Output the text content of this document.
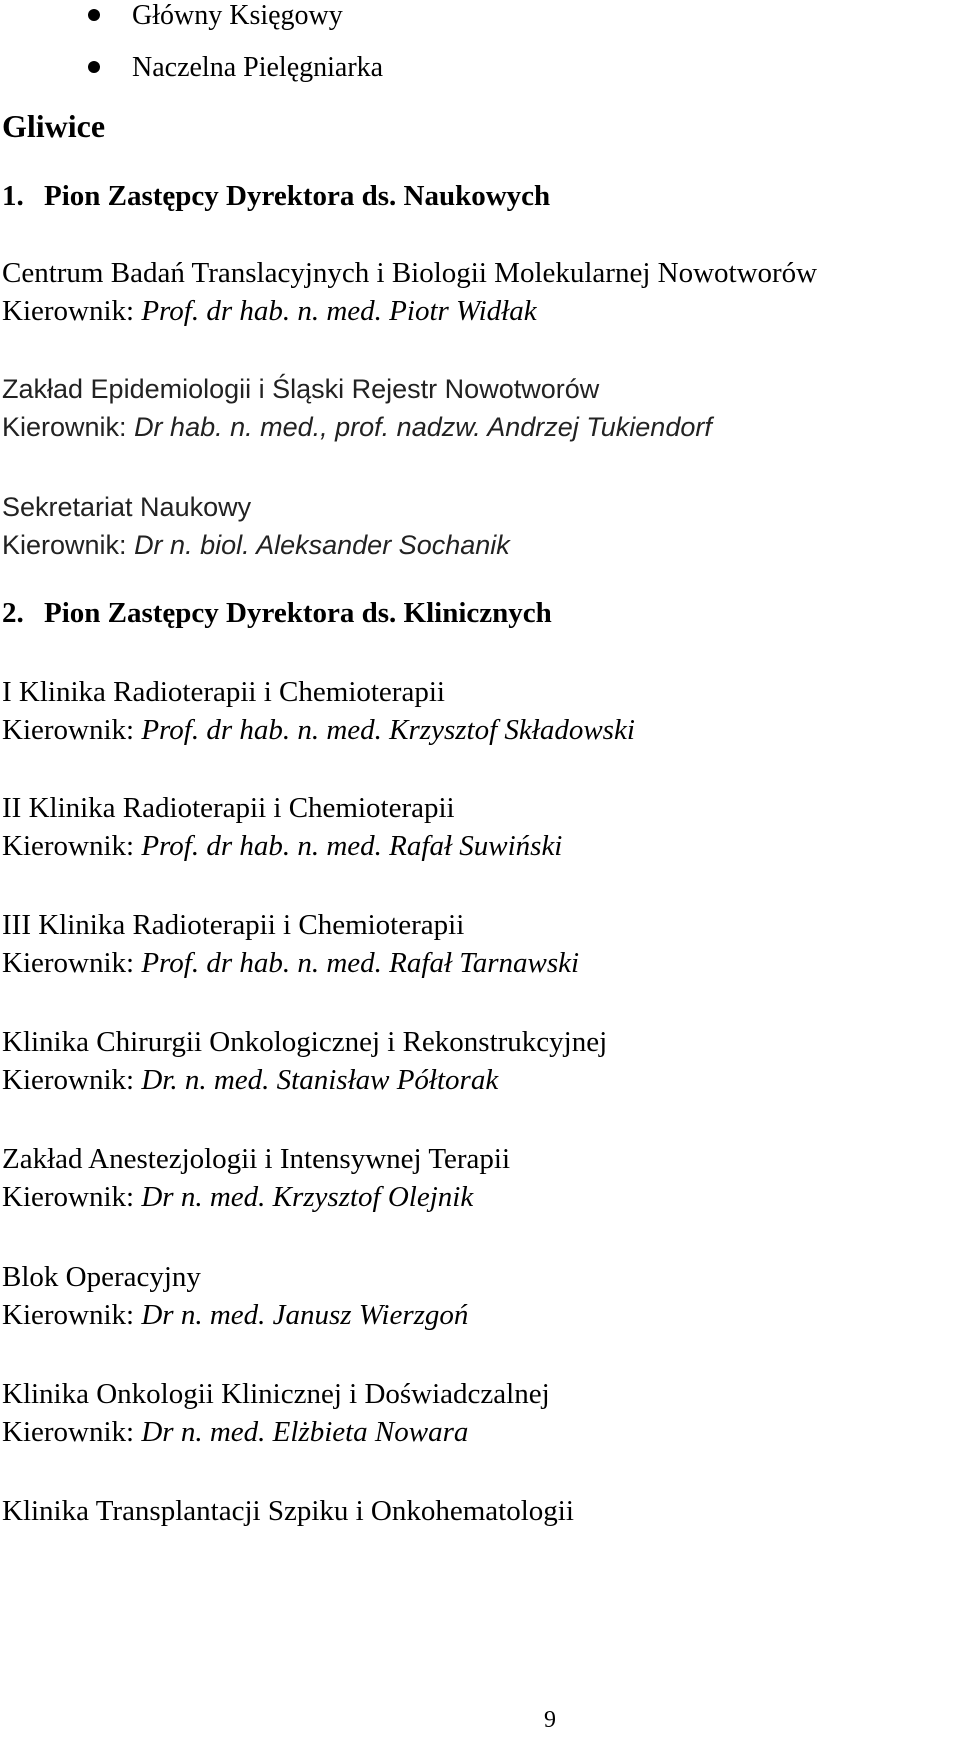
Główny Księgowy
Naczelna Pielęgniarka
Gliwice
1. Pion Zastępcy Dyrektora ds. Naukowych
Centrum Badań Translacyjnych i Biologii Molekularnej Nowotworów
Kierownik: Prof. dr hab. n. med. Piotr Widłak
Zakład Epidemiologii i Śląski Rejestr Nowotworów
Kierownik: Dr hab. n. med., prof. nadzw. Andrzej Tukiendorf
Sekretariat Naukowy
Kierownik: Dr n. biol. Aleksander Sochanik
2. Pion Zastępcy Dyrektora ds. Klinicznych
I Klinika Radioterapii i Chemioterapii
Kierownik: Prof. dr hab. n. med. Krzysztof Składowski
II Klinika Radioterapii i Chemioterapii
Kierownik: Prof. dr hab. n. med. Rafał Suwiński
III Klinika Radioterapii i Chemioterapii
Kierownik: Prof. dr hab. n. med. Rafał Tarnawski
Klinika Chirurgii Onkologicznej i Rekonstrukcyjnej
Kierownik: Dr. n. med. Stanisław Półtorak
Zakład Anestezjologii i Intensywnej Terapii
Kierownik: Dr n. med. Krzysztof Olejnik
Blok Operacyjny
Kierownik: Dr n. med. Janusz Wierzgoń
Klinika Onkologii Klinicznej i Doświadczalnej
Kierownik: Dr n. med. Elżbieta Nowara
Klinika Transplantacji Szpiku i Onkohematologii
9
